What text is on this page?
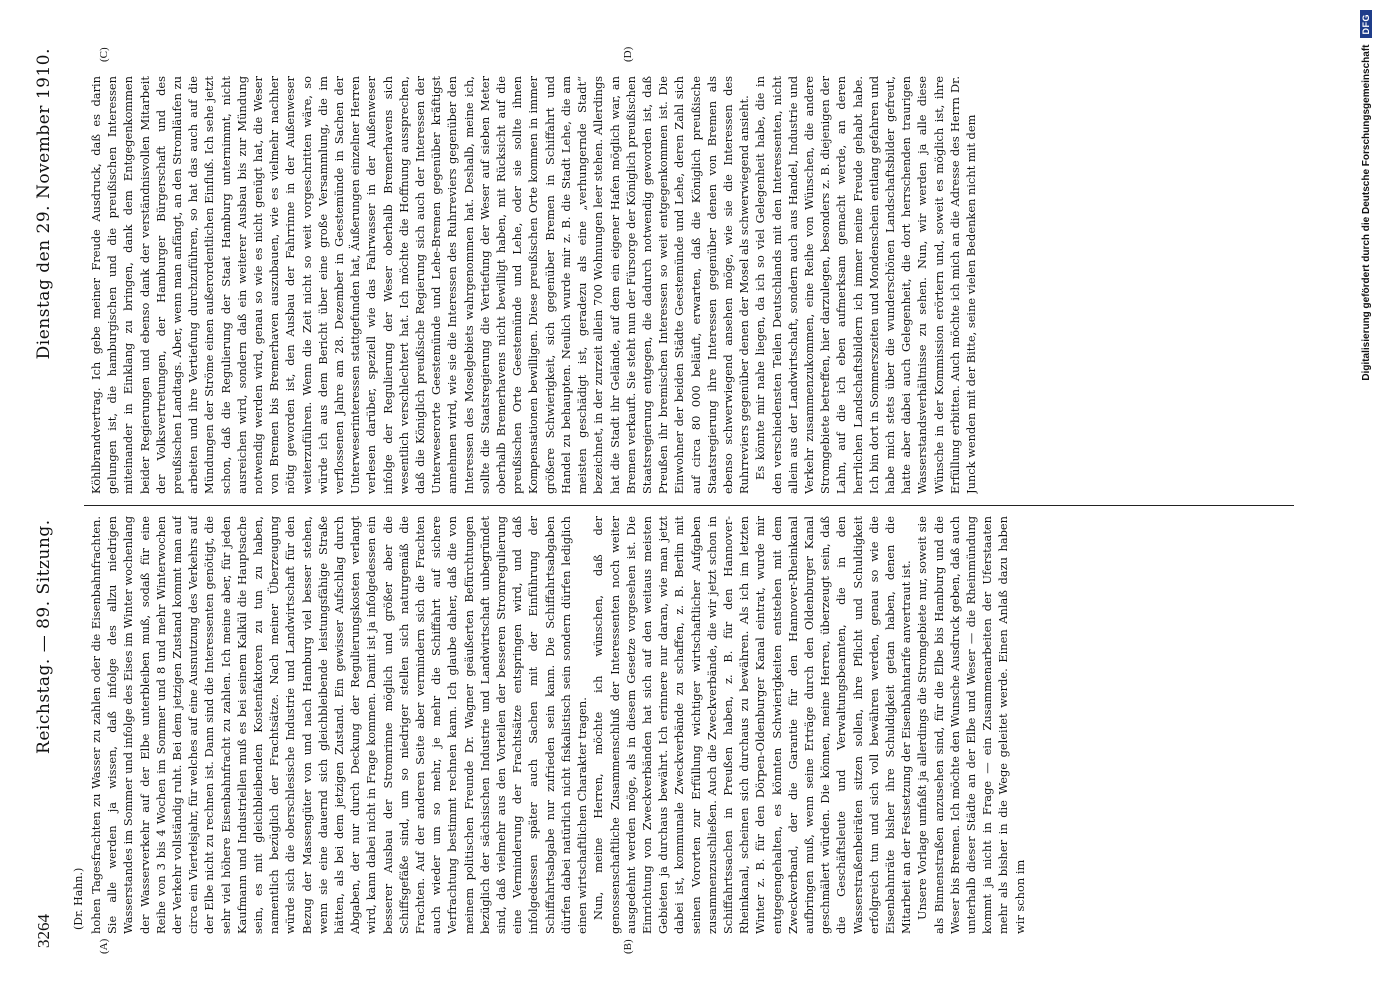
3264
Reichstag. — 89. Sitzung.
Dienstag den 29. November 1910.
(Dr. Hahn.)
(A)	(B)
(C)	(D)

hohen Tagesfrachten zu Wasser zu zahlen oder die Eisenbahnfrachten. Sie alle werden ja wissen, daß infolge des allzu niedrigen Wasserstandes im Sommer und infolge des Eises im Winter wochenlang der Wasserverkehr auf der Elbe unterbleiben muß, sodaß für eine Reihe von 3 bis 4 Wochen im Sommer und 8 und mehr Winterwochen der Verkehr vollständig ruht. Bei dem jetzigen Zustand kommt man auf circa ein Viertelsjahr, für welches auf eine Ausnutzung des Verkehrs auf der Elbe nicht zu rechnen ist. Dann sind die Interessenten genötigt, die sehr viel höhere Eisenbahnfracht zu zahlen. Ich meine aber, für jeden Kaufmann und Industriellen muß es bei seinem Kalkül die Hauptsache sein, es mit gleichbleibenden Kostenfaktoren zu tun zu haben, namentlich bezüglich der Frachtsätze. Nach meiner Überzeugung würde sich die oberschlesische Industrie und Landwirtschaft für den Bezug der Massengüter von und nach Hamburg viel besser stehen, wenn sie eine dauernd sich gleichbleibende leistungsfähige Straße hätten, als bei dem jetzigen Zustand. Ein gewisser Aufschlag durch Abgaben, der nur durch Deckung der Regulierungskosten verlangt wird, kann dabei nicht in Frage kommen. Damit ist ja infolgedessen ein besserer Ausbau der Stromrinne möglich und größer aber die Schiffsgefäße sind, um so niedriger stellen sich naturgemäß die Frachten. Auf der anderen Seite aber vermindern sich die Frachten auch wieder um so mehr, je mehr die Schiffahrt auf sichere Verfrachtung bestimmt rechnen kann. Ich glaube daher, daß die von meinem politischen Freunde Dr. Wagner geäußerten Befürchtungen bezüglich der sächsischen Industrie und Landwirtschaft unbegründet sind, daß vielmehr aus den Vorteilen der besseren Stromregulierung eine Verminderung der Frachtsätze entspringen wird, und daß infolgedessen später auch Sachen mit der Einführung der Schiffahrtsabgabe nur zufrieden sein kann. Die Schiffahrtsabgaben dürfen dabei natürlich nicht fiskalistisch sein sondern dürfen lediglich einen wirtschaftlichen Charakter tragen. Nun, meine Herren, möchte ich wünschen, daß der genossenschaftliche Zusammenschluß der Interessenten noch weiter ausgedehnt werden möge, als in diesem Gesetze vorgesehen ist. Die Einrichtung von Zweckverbänden hat sich auf den weitaus meisten Gebieten ja durchaus bewährt. Ich erinnere nur daran, wie man jetzt dabei ist, kommunale Zweckverbände zu schaffen, z. B. Berlin mit seinen Vororten zur Erfüllung wichtiger wirtschaftlicher Aufgaben zusammenzuschließen. Auch die Zweckverbände, die wir jetzt schon in Schiffahrtssachen in Preußen haben, z. B. für den Hannover-Rheinkanal, scheinen sich durchaus zu bewähren. Als ich im letzten Winter z. B. für den Dörpen-Oldenburger Kanal eintrat, wurde mir entgegengehalten, es könnten Schwierigkeiten entstehen mit dem Zweckverband, der die Garantie für den Hannover-Rheinkanal aufbringen muß, wenn seine Erträge durch den Oldenburger Kanal geschmälert würden. Die können, meine Herren, überzeugt sein, daß die Geschäftsleute und Verwaltungsbeamten, die in den Wasserstraßenbeiräten sitzen sollen, ihre Pflicht und Schuldigkeit erfolgreich tun und sich voll bewähren werden, genau so wie die Eisenbahnräte bisher ihre Schuldigkeit getan haben, denen die Mitarbeit an der Festsetzung der Eisenbahntarife anvertraut ist. Unsere Vorlage umfaßt ja allerdings die Stromgebiete nur, soweit sie als Binnenstraßen anzusehen sind, für die Elbe bis Hamburg und die Weser bis Bremen. Ich möchte den Wunsche Ausdruck geben, daß auch unterhalb dieser Städte an der Elbe und Weser — die Rheinmündung kommt ja nicht in Frage — ein Zusammenarbeiten der Uferstaaten mehr als bisher in die Wege geleitet werde. Einen Anlaß dazu haben wir schon im

Köhlbrandvertrag. Ich gebe meiner Freude Ausdruck, daß es darin gelungen ist, die hamburgischen und die preußischen Interessen miteinander in Einklang zu bringen, dank dem Entgegenkommen beider Regierungen und ebenso dank der verständnisvollen Mitarbeit der Volksvertretungen, der Hamburger Bürgerschaft und des preußischen Landtags. Aber, wenn man anfängt, an den Stromläufen zu arbeiten und ihre Vertiefung durchzuführen, so hat das auch auf die Mündungen der Ströme einen außerordentlichen Einfluß. Ich sehe jetzt schon, daß die Regulierung der Staat Hamburg unternimmt, nicht ausreichen wird, sondern daß ein weiterer Ausbau bis zur Mündung notwendig werden wird, genau so wie es nicht genügt hat, die Weser von Bremen bis Bremerhaven auszubauen, wie es vielmehr nachher nötig geworden ist, den Ausbau der Fahrrinne in der Außenweser weiterzuführen. Wenn die Zeit nicht so weit vorgeschritten wäre, so würde ich aus dem Bericht über eine große Versammlung, die im verflossenen Jahre am 28. Dezember in Geestemünde in Sachen der Unterweserinteressen stattgefunden hat, Äußerungen einzelner Herren verlesen darüber, speziell wie das Fahrwasser in der Außenweser infolge der Regulierung der Weser oberhalb Bremerhavens sich wesentlich verschlechtert hat. Ich möchte die Hoffnung aussprechen, daß die Königlich preußische Regierung sich auch der Interessen der Unterweserorte Geestemünde und Lehe-Bremen gegenüber kräftigst annehmen wird, wie sie die Interessen des Ruhrreviers gegenüber den Interessen des Moselgebiets wahrgenommen hat. Deshalb, meine ich, sollte die Staatsregierung die Vertiefung der Weser auf sieben Meter oberhalb Bremerhavens nicht bewilligt haben, mit Rücksicht auf die preußischen Orte Geestemünde und Lehe, oder sie sollte ihnen Kompensationen bewilligen. Diese preußischen Orte kommen in immer größere Schwierigkeit, sich gegenüber Bremen in Schiffahrt und Handel zu behaupten. Neulich wurde mir z. B. die Stadt Lehe, die am meisten geschädigt ist, geradezu als eine „verhungernde Stadt“ bezeichnet, in der zurzeit allein 700 Wohnungen leer stehen. Allerdings hat die Stadt ihr Gelände, auf dem ein eigener Hafen möglich war, an Bremen verkauft. Sie steht nun der Fürsorge der Königlich preußischen Staatsregierung entgegen, die dadurch notwendig geworden ist, daß Preußen ihr bremischen Interessen so weit entgegenkommen ist. Die Einwohner der beiden Städte Geestemünde und Lehe, deren Zahl sich auf circa 80 000 beläuft, erwarten, daß die Königlich preußische Staatsregierung ihre Interessen gegenüber denen von Bremen als ebenso schwerwiegend ansehen möge, wie sie die Interessen des Ruhrreviers gegenüber denen der Mosel als schwerwiegend ansieht. Es könnte mir nahe liegen, da ich so viel Gelegenheit habe, die in den verschiedensten Teilen Deutschlands mit den Interessenten, nicht allein aus der Landwirtschaft, sondern auch aus Handel, Industrie und Verkehr zusammenzukommen, eine Reihe von Wünschen, die andere Stromgebiete betreffen, hier darzulegen, besonders z. B. diejenigen der Lahn, auf die ich eben aufmerksam gemacht werde, an deren herrlichen Landschaftsbildern ich immer meine Freude gehabt habe. Ich bin dort in Sommerszeiten und Mondenschein entlang gefahren und habe mich stets über die wunderschönen Landschaftsbilder gefreut, hatte aber dabei auch Gelegenheit, die dort herrschenden traurigen Wasserstandsverhältnisse zu sehen. Nun, wir werden ja alle diese Wünsche in der Kommission erörtern und, soweit es möglich ist, ihre Erfüllung erbitten. Auch möchte ich mich an die Adresse des Herrn Dr. Junck wenden mit der Bitte, seine vielen Bedenken nicht mit dem	Digitalisierung gefördert durch die Deutsche Forschungsgemeinschaft
DFG
